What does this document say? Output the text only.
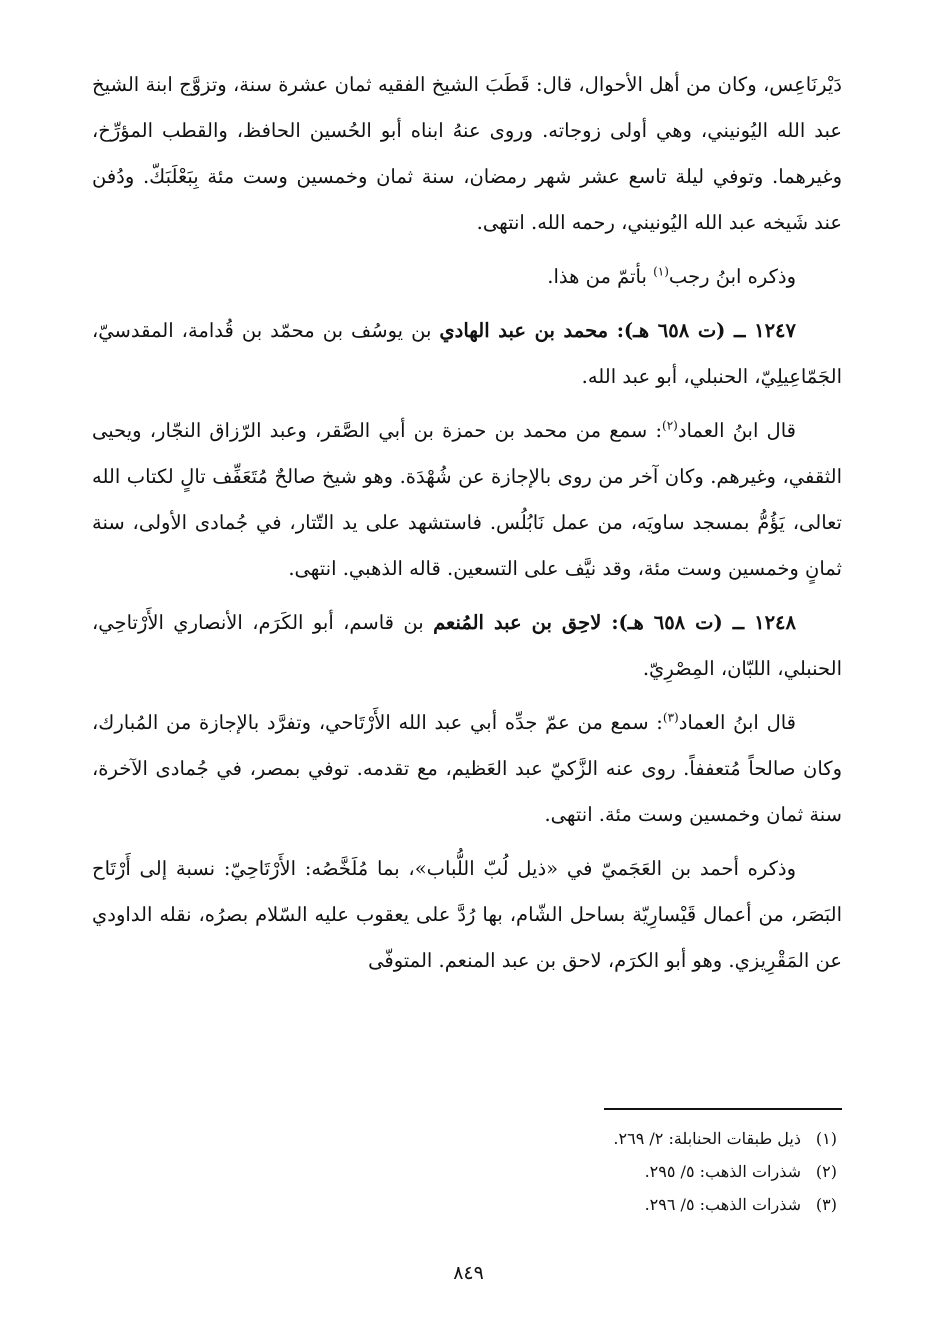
دَيْرنَاعِس، وكان من أهل الأحوال، قال: قَطَبَ الشيخ الفقيه ثمان عشرة سنة، وتزوَّج ابنة الشيخ عبد الله اليُونيني، وهي أولى زوجاته. وروى عنهُ ابناه أبو الحُسين الحافظ، والقطب المؤرِّخ، وغيرهما. وتوفي ليلة تاسع عشر شهر رمضان، سنة ثمان وخمسين وست مئة بِبَعْلَبَكّ. ودُفن عند شَيخه عبد الله اليُونيني، رحمه الله. انتهى.

وذكره ابنُ رجب$^{(١)}$ بأتمّ من هذا.

١٢٤٧ ــ (ت ٦٥٨ هـ): محمد بن عبد الهادي بن يوسُف بن محمّد بن قُدامة، المقدسيّ، الجَمّاعِيلِيّ، الحنبلي، أبو عبد الله.

قال ابنُ العماد$^{(٢)}$: سمع من محمد بن حمزة بن أبي الصَّقر، وعبد الرّزاق النجّار، ويحيى الثقفي، وغيرهم. وكان آخر من روى بالإجازة عن شُهْدَة. وهو شيخ صالحٌ مُتَعَفِّف تالٍ لكتاب الله تعالى، يَؤُمُّ بمسجد ساويَه، من عمل نَابُلُس. فاستشهد على يد التّتار، في جُمادى الأولى، سنة ثمانٍ وخمسين وست مئة، وقد نيَّف على التسعين. قاله الذهبي. انتهى.

١٢٤٨ ــ (ت ٦٥٨ هـ): لاحِق بن عبد المُنعم بن قاسم، أبو الكَرَم، الأنصاري الأَرْتاحِي، الحنبلي، اللبّان، المِصْرِيّ.

قال ابنُ العماد$^{(٣)}$: سمع من عمّ جدِّه أبي عبد الله الأَرْتَاحي، وتفرَّد بالإجازة من المُبارك، وكان صالحاً مُتعففاً. روى عنه الزَّكيّ عبد العَظيم، مع تقدمه. توفي بمصر، في جُمادى الآخرة، سنة ثمان وخمسين وست مئة. انتهى.

وذكره أحمد بن العَجَميّ في «ذيل لُبّ اللُّباب»، بما مُلَخَّصُه: الأَرْتَاحِيّ: نسبة إلى أَرْتَاح البَصَر، من أعمال قَيْسارِيّة بساحل الشّام، بها رُدَّ على يعقوب عليه السّلام بصرُه، نقله الداودي عن المَقْرِيزي. وهو أبو الكرَم، لاحق بن عبد المنعم. المتوفّى

(١)ذيل طبقات الحنابلة: ٢/ ٢٦٩.
(٢)شذرات الذهب: ٥/ ٢٩٥.
(٣)شذرات الذهب: ٥/ ٢٩٦.
٨٤٩
